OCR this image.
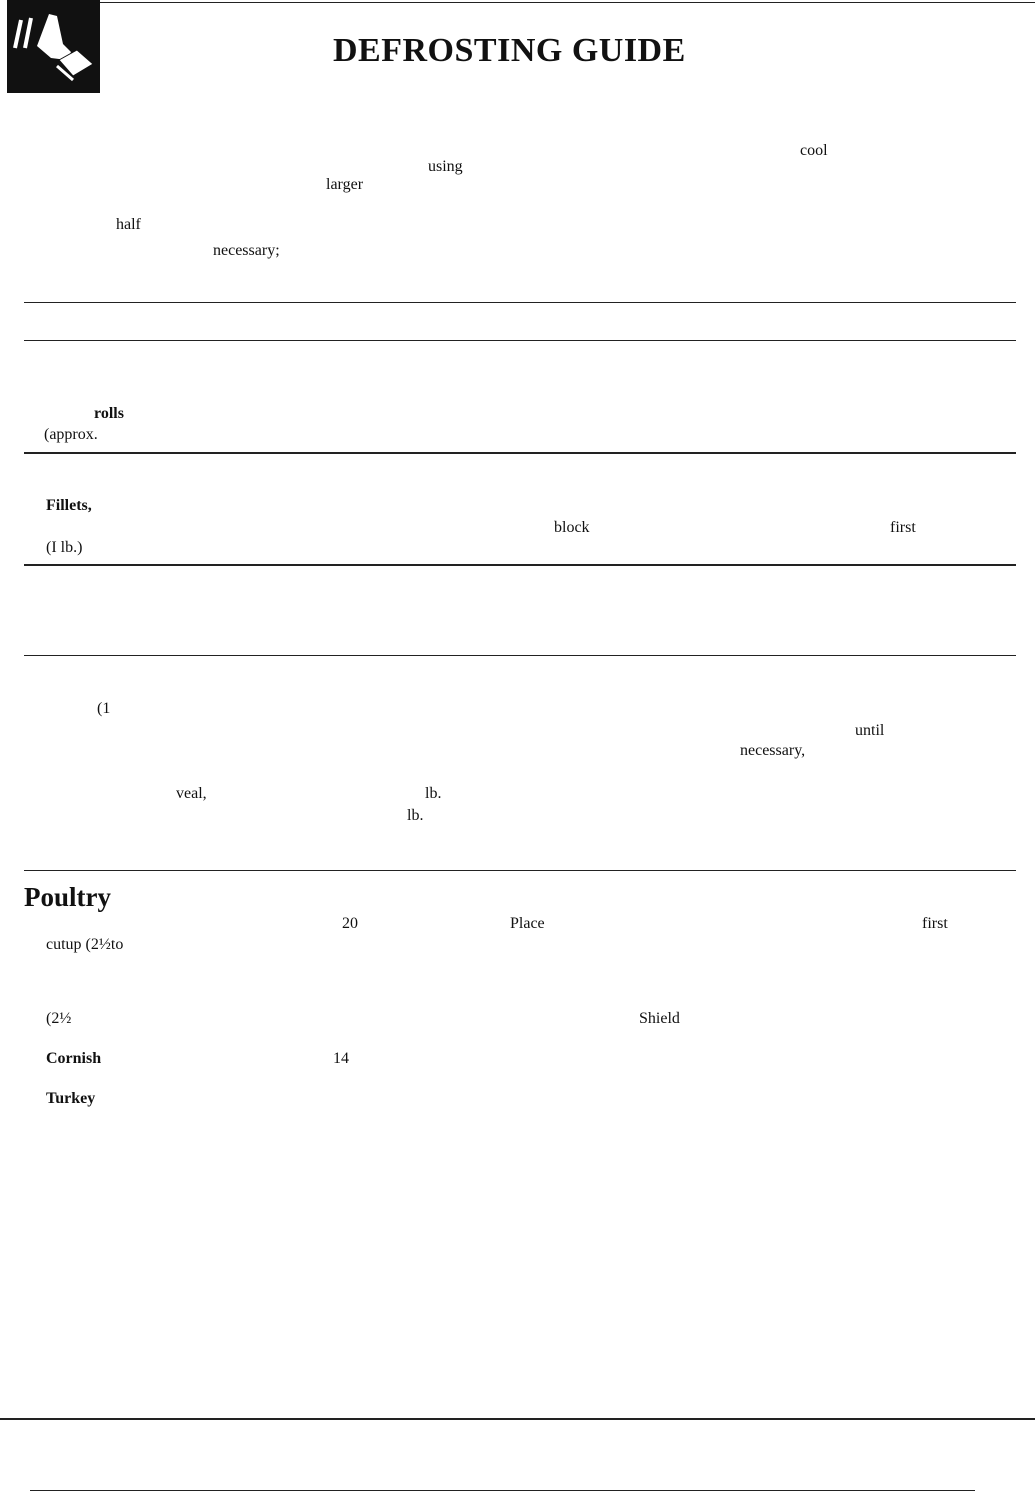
DEFROSTING GUIDE
cool
using
larger
half
necessary;
rolls
(approx.
Fillets,
block	first
(I lb.)
(1
until
necessary,
veal,	lb.
lb.
Poultry
20	Place	first
cutup (2½to
(2½	Shield
Cornish	14
Turkey
